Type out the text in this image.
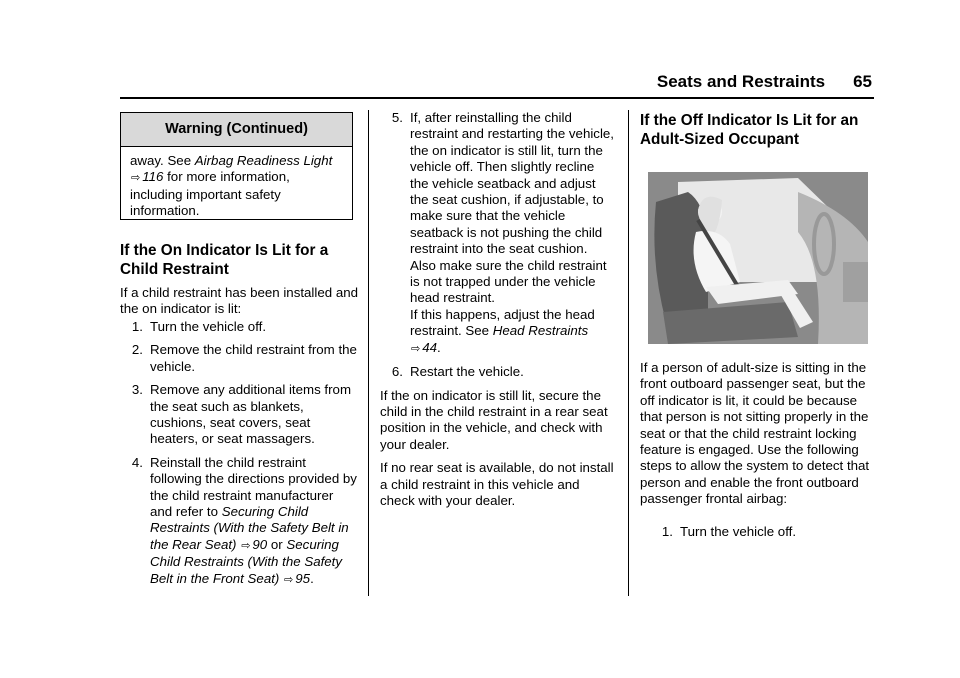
Seats and Restraints 65
Warning (Continued)
away. See Airbag Readiness Light ⇨ 116 for more information, including important safety information.
If the On Indicator Is Lit for a Child Restraint

If a child restraint has been installed and the on indicator is lit:

1. Turn the vehicle off.
2. Remove the child restraint from the vehicle.
3. Remove any additional items from the seat such as blankets, cushions, seat covers, seat heaters, or seat massagers.
4. Reinstall the child restraint following the directions provided by the child restraint manufacturer and refer to Securing Child Restraints (With the Safety Belt in the Rear Seat) ⇨ 90 or Securing Child Restraints (With the Safety Belt in the Front Seat) ⇨ 95.
5. If, after reinstalling the child restraint and restarting the vehicle, the on indicator is still lit, turn the vehicle off. Then slightly recline the vehicle seatback and adjust the seat cushion, if adjustable, to make sure that the vehicle seatback is not pushing the child restraint into the seat cushion. Also make sure the child restraint is not trapped under the vehicle head restraint.
If this happens, adjust the head restraint. See Head Restraints
⇨ 44.
6. Restart the vehicle.

If the on indicator is still lit, secure the child in the child restraint in a rear seat position in the vehicle, and check with your dealer.

If no rear seat is available, do not install a child restraint in this vehicle and check with your dealer.

If the Off Indicator Is Lit for an Adult-Sized Occupant

If a person of adult-size is sitting in the front outboard passenger seat, but the off indicator is lit, it could be because that person is not sitting properly in the seat or that the child restraint locking feature is engaged. Use the following steps to allow the system to detect that person and enable the front outboard passenger frontal airbag:

1. Turn the vehicle off.
